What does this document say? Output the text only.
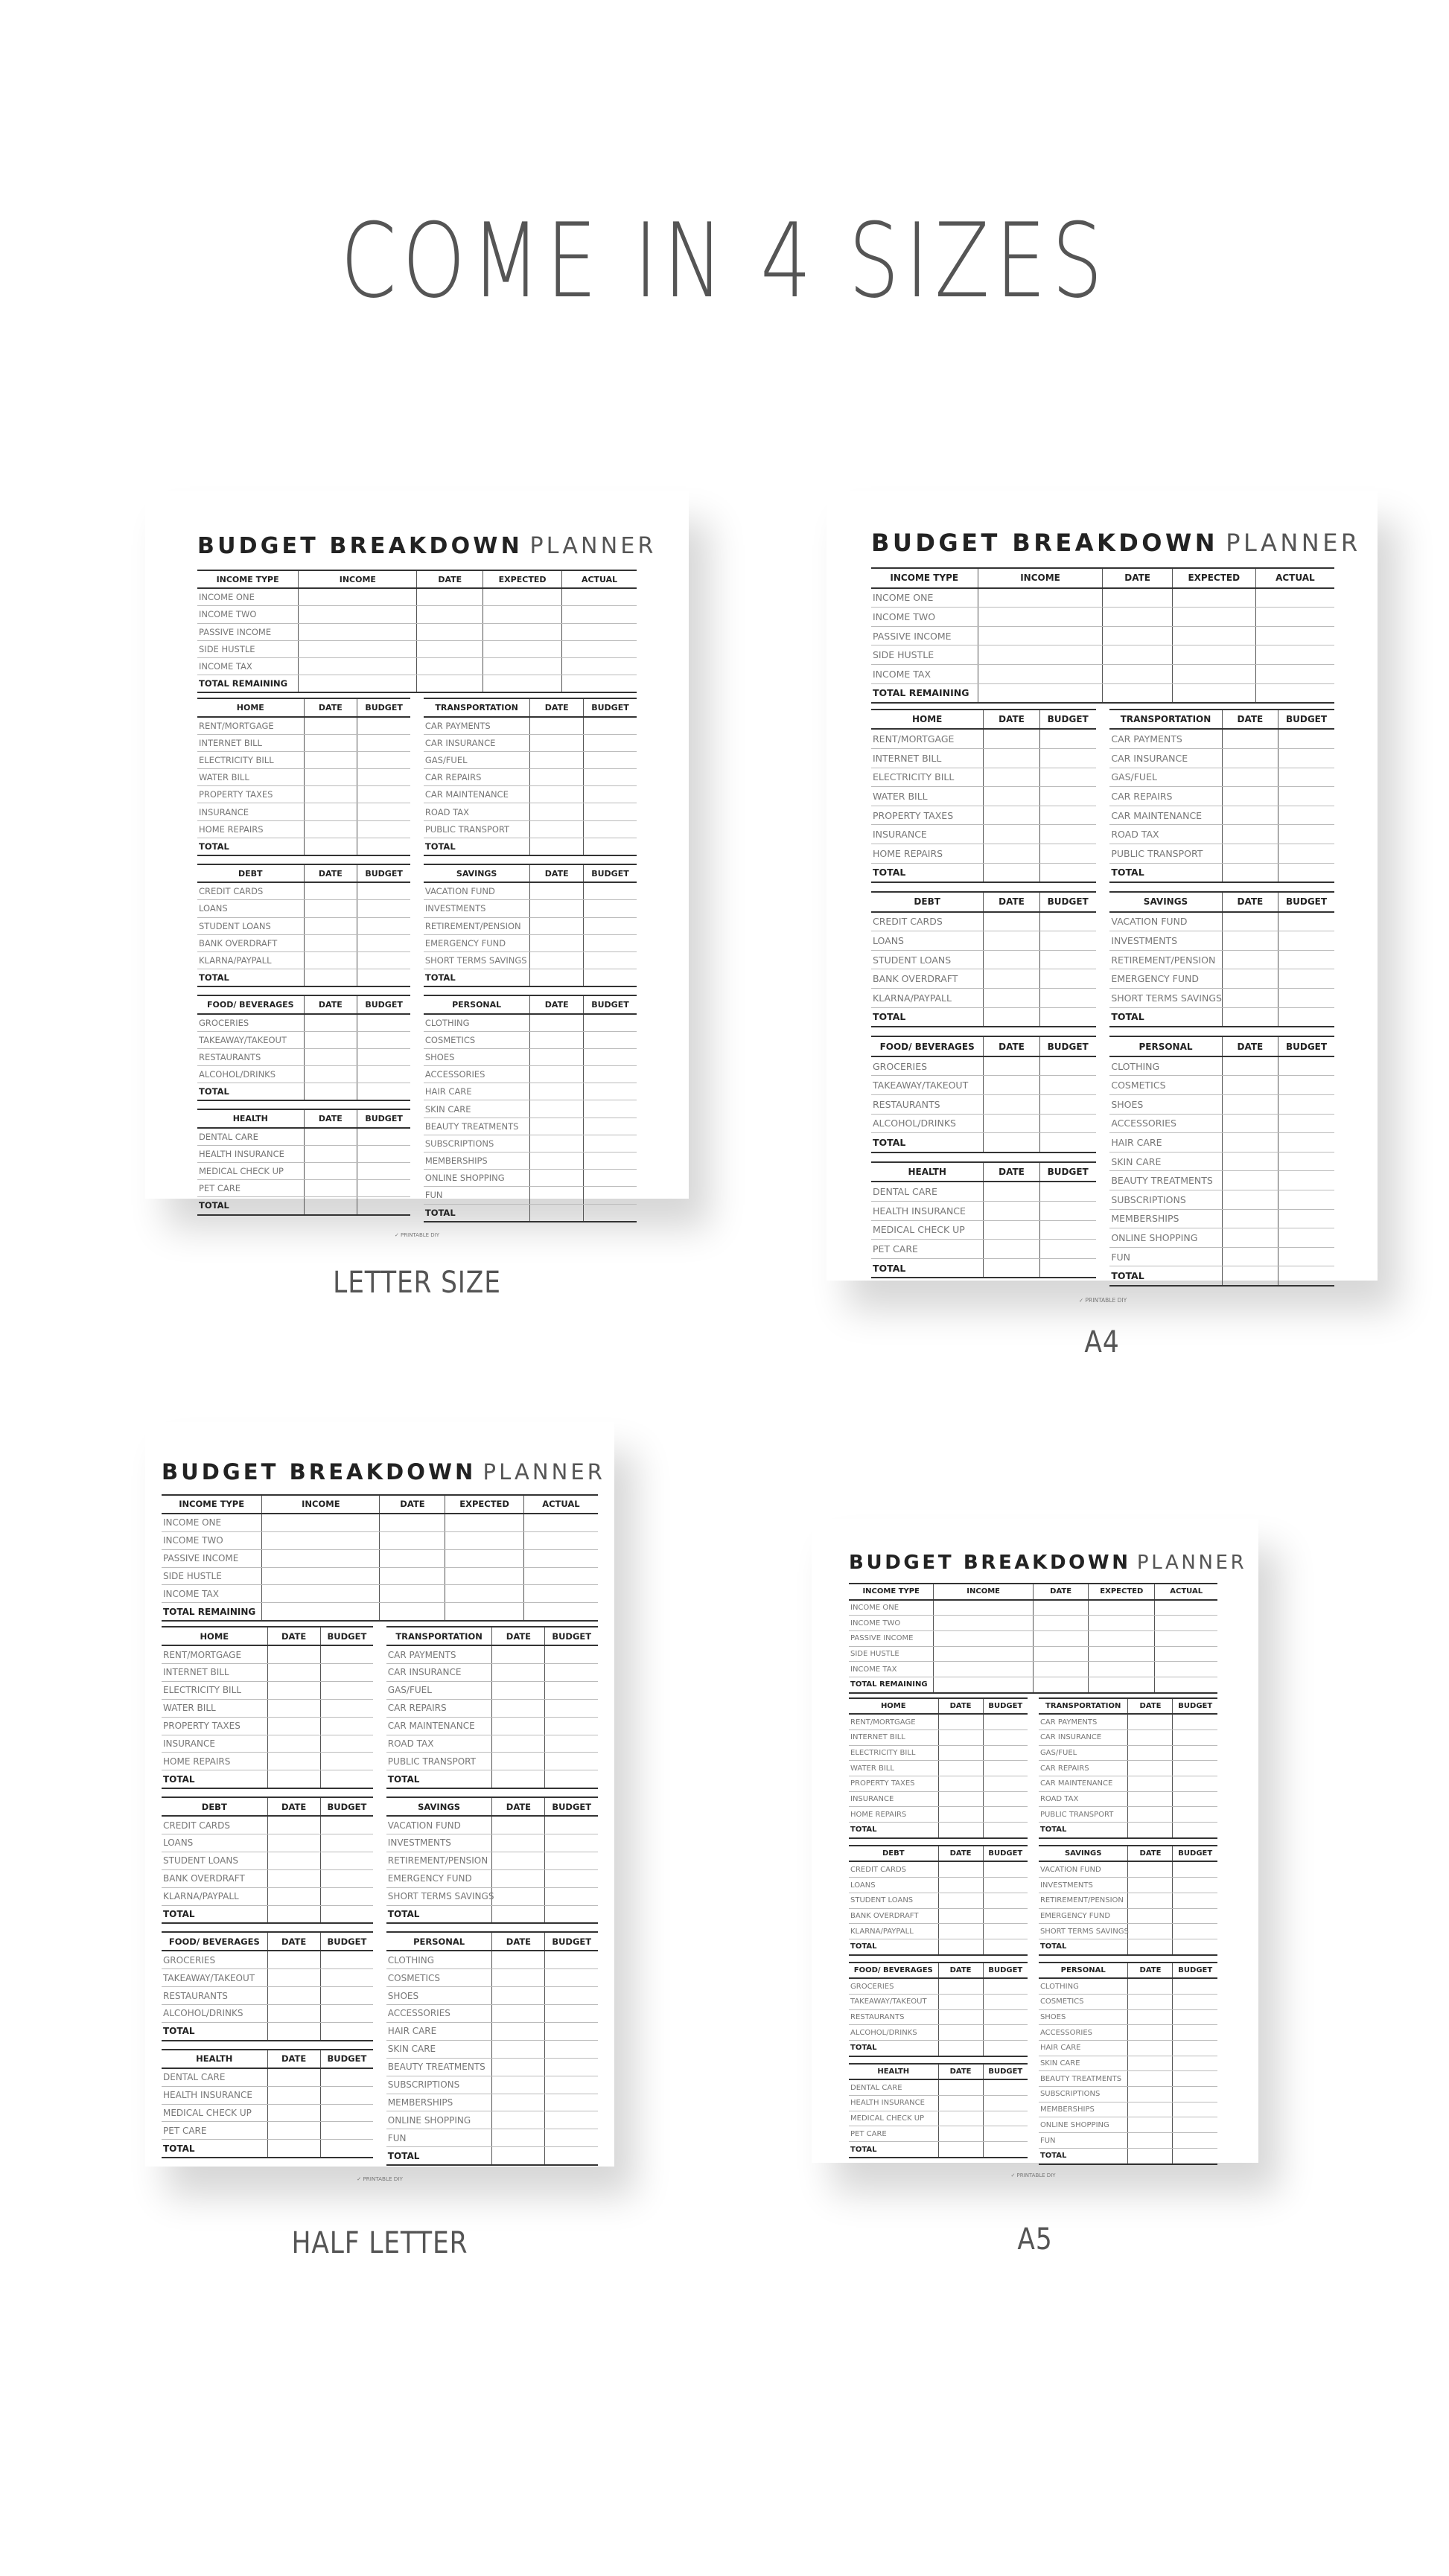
COME IN 4 SIZES
BUDGET BREAKDOWN PLANNER
INCOME TYPE	INCOME	DATE	EXPECTED	ACTUAL
INCOME ONE				
INCOME TWO				
PASSIVE INCOME				
SIDE HUSTLE				
INCOME TAX				
TOTAL REMAINING				
HOME	DATE	BUDGET
RENT/MORTGAGE		
INTERNET BILL		
ELECTRICITY BILL		
WATER BILL		
PROPERTY TAXES		
INSURANCE		
HOME REPAIRS		
TOTAL		
DEBT	DATE	BUDGET
CREDIT CARDS		
LOANS		
STUDENT LOANS		
BANK OVERDRAFT		
KLARNA/PAYPALL		
TOTAL		
FOOD/ BEVERAGES	DATE	BUDGET
GROCERIES		
TAKEAWAY/TAKEOUT		
RESTAURANTS		
ALCOHOL/DRINKS		
TOTAL		
HEALTH	DATE	BUDGET
DENTAL CARE		
HEALTH INSURANCE		
MEDICAL CHECK UP		
PET CARE		
TOTAL		
TRANSPORTATION	DATE	BUDGET
CAR PAYMENTS		
CAR INSURANCE		
GAS/FUEL		
CAR REPAIRS		
CAR MAINTENANCE		
ROAD TAX		
PUBLIC TRANSPORT		
TOTAL		
SAVINGS	DATE	BUDGET
VACATION FUND		
INVESTMENTS		
RETIREMENT/PENSION		
EMERGENCY FUND		
SHORT TERMS SAVINGS		
TOTAL		
PERSONAL	DATE	BUDGET
CLOTHING		
COSMETICS		
SHOES		
ACCESSORIES		
HAIR CARE		
SKIN CARE		
BEAUTY TREATMENTS		
SUBSCRIPTIONS		
MEMBERSHIPS		
ONLINE SHOPPING		
FUN		
TOTAL		
✓ PRINTABLE DIY
LETTER SIZE
BUDGET BREAKDOWN PLANNER
INCOME TYPE	INCOME	DATE	EXPECTED	ACTUAL
INCOME ONE				
INCOME TWO				
PASSIVE INCOME				
SIDE HUSTLE				
INCOME TAX				
TOTAL REMAINING				
HOME	DATE	BUDGET
RENT/MORTGAGE		
INTERNET BILL		
ELECTRICITY BILL		
WATER BILL		
PROPERTY TAXES		
INSURANCE		
HOME REPAIRS		
TOTAL		
DEBT	DATE	BUDGET
CREDIT CARDS		
LOANS		
STUDENT LOANS		
BANK OVERDRAFT		
KLARNA/PAYPALL		
TOTAL		
FOOD/ BEVERAGES	DATE	BUDGET
GROCERIES		
TAKEAWAY/TAKEOUT		
RESTAURANTS		
ALCOHOL/DRINKS		
TOTAL		
HEALTH	DATE	BUDGET
DENTAL CARE		
HEALTH INSURANCE		
MEDICAL CHECK UP		
PET CARE		
TOTAL		
TRANSPORTATION	DATE	BUDGET
CAR PAYMENTS		
CAR INSURANCE		
GAS/FUEL		
CAR REPAIRS		
CAR MAINTENANCE		
ROAD TAX		
PUBLIC TRANSPORT		
TOTAL		
SAVINGS	DATE	BUDGET
VACATION FUND		
INVESTMENTS		
RETIREMENT/PENSION		
EMERGENCY FUND		
SHORT TERMS SAVINGS		
TOTAL		
PERSONAL	DATE	BUDGET
CLOTHING		
COSMETICS		
SHOES		
ACCESSORIES		
HAIR CARE		
SKIN CARE		
BEAUTY TREATMENTS		
SUBSCRIPTIONS		
MEMBERSHIPS		
ONLINE SHOPPING		
FUN		
TOTAL		
✓ PRINTABLE DIY
A4
BUDGET BREAKDOWN PLANNER
INCOME TYPE	INCOME	DATE	EXPECTED	ACTUAL
INCOME ONE				
INCOME TWO				
PASSIVE INCOME				
SIDE HUSTLE				
INCOME TAX				
TOTAL REMAINING				
HOME	DATE	BUDGET
RENT/MORTGAGE		
INTERNET BILL		
ELECTRICITY BILL		
WATER BILL		
PROPERTY TAXES		
INSURANCE		
HOME REPAIRS		
TOTAL		
DEBT	DATE	BUDGET
CREDIT CARDS		
LOANS		
STUDENT LOANS		
BANK OVERDRAFT		
KLARNA/PAYPALL		
TOTAL		
FOOD/ BEVERAGES	DATE	BUDGET
GROCERIES		
TAKEAWAY/TAKEOUT		
RESTAURANTS		
ALCOHOL/DRINKS		
TOTAL		
HEALTH	DATE	BUDGET
DENTAL CARE		
HEALTH INSURANCE		
MEDICAL CHECK UP		
PET CARE		
TOTAL		
TRANSPORTATION	DATE	BUDGET
CAR PAYMENTS		
CAR INSURANCE		
GAS/FUEL		
CAR REPAIRS		
CAR MAINTENANCE		
ROAD TAX		
PUBLIC TRANSPORT		
TOTAL		
SAVINGS	DATE	BUDGET
VACATION FUND		
INVESTMENTS		
RETIREMENT/PENSION		
EMERGENCY FUND		
SHORT TERMS SAVINGS		
TOTAL		
PERSONAL	DATE	BUDGET
CLOTHING		
COSMETICS		
SHOES		
ACCESSORIES		
HAIR CARE		
SKIN CARE		
BEAUTY TREATMENTS		
SUBSCRIPTIONS		
MEMBERSHIPS		
ONLINE SHOPPING		
FUN		
TOTAL		
✓ PRINTABLE DIY
HALF LETTER
BUDGET BREAKDOWN PLANNER
INCOME TYPE	INCOME	DATE	EXPECTED	ACTUAL
INCOME ONE				
INCOME TWO				
PASSIVE INCOME				
SIDE HUSTLE				
INCOME TAX				
TOTAL REMAINING				
HOME	DATE	BUDGET
RENT/MORTGAGE		
INTERNET BILL		
ELECTRICITY BILL		
WATER BILL		
PROPERTY TAXES		
INSURANCE		
HOME REPAIRS		
TOTAL		
DEBT	DATE	BUDGET
CREDIT CARDS		
LOANS		
STUDENT LOANS		
BANK OVERDRAFT		
KLARNA/PAYPALL		
TOTAL		
FOOD/ BEVERAGES	DATE	BUDGET
GROCERIES		
TAKEAWAY/TAKEOUT		
RESTAURANTS		
ALCOHOL/DRINKS		
TOTAL		
HEALTH	DATE	BUDGET
DENTAL CARE		
HEALTH INSURANCE		
MEDICAL CHECK UP		
PET CARE		
TOTAL		
TRANSPORTATION	DATE	BUDGET
CAR PAYMENTS		
CAR INSURANCE		
GAS/FUEL		
CAR REPAIRS		
CAR MAINTENANCE		
ROAD TAX		
PUBLIC TRANSPORT		
TOTAL		
SAVINGS	DATE	BUDGET
VACATION FUND		
INVESTMENTS		
RETIREMENT/PENSION		
EMERGENCY FUND		
SHORT TERMS SAVINGS		
TOTAL		
PERSONAL	DATE	BUDGET
CLOTHING		
COSMETICS		
SHOES		
ACCESSORIES		
HAIR CARE		
SKIN CARE		
BEAUTY TREATMENTS		
SUBSCRIPTIONS		
MEMBERSHIPS		
ONLINE SHOPPING		
FUN		
TOTAL		
✓ PRINTABLE DIY
A5
